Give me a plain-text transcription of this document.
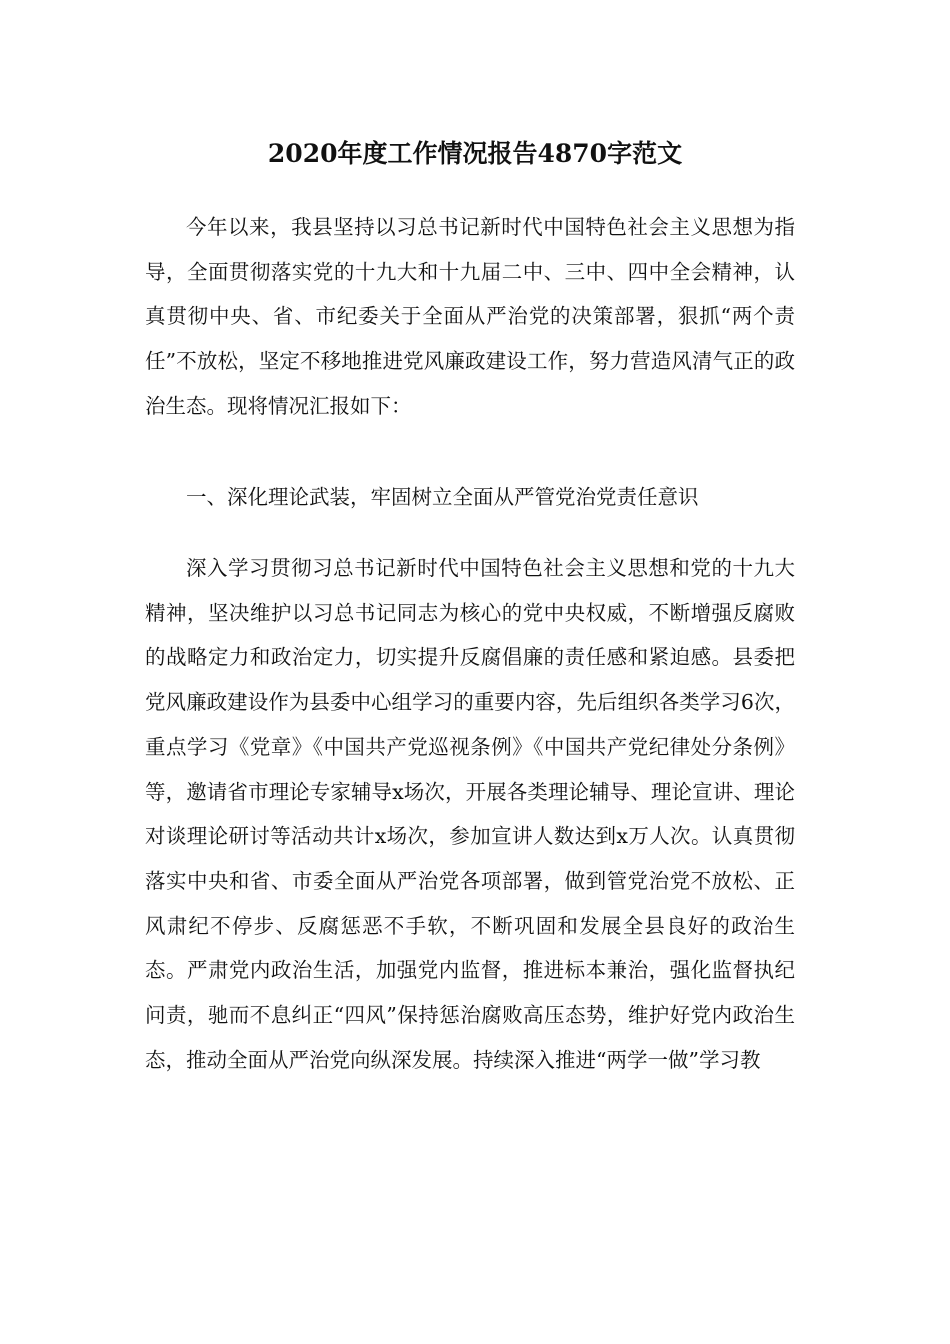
2020年度工作情况报告4870字范文

今年以来，我县坚持以习总书记新时代中国特色社会主义思想为指导，全面贯彻落实党的十九大和十九届二中、三中、四中全会精神，认真贯彻中央、省、市纪委关于全面从严治党的决策部署，狠抓“两个责任”不放松，坚定不移地推进党风廉政建设工作，努力营造风清气正的政治生态。现将情况汇报如下：

一、深化理论武装，牢固树立全面从严管党治党责任意识

深入学习贯彻习总书记新时代中国特色社会主义思想和党的十九大精神，坚决维护以习总书记同志为核心的党中央权威，不断增强反腐败的战略定力和政治定力，切实提升反腐倡廉的责任感和紧迫感。县委把党风廉政建设作为县委中心组学习的重要内容，先后组织各类学习6次，重点学习《党章》《中国共产党巡视条例》《中国共产党纪律处分条例》等，邀请省市理论专家辅导x场次，开展各类理论辅导、理论宣讲、理论对谈理论研讨等活动共计x场次，参加宣讲人数达到x万人次。认真贯彻落实中央和省、市委全面从严治党各项部署，做到管党治党不放松、正风肃纪不停步、反腐惩恶不手软，不断巩固和发展全县良好的政治生态。严肃党内政治生活，加强党内监督，推进标本兼治，强化监督执纪问责，驰而不息纠正“四风”保持惩治腐败高压态势，维护好党内政治生态，推动全面从严治党向纵深发展。持续深入推进“两学一做”学习教
